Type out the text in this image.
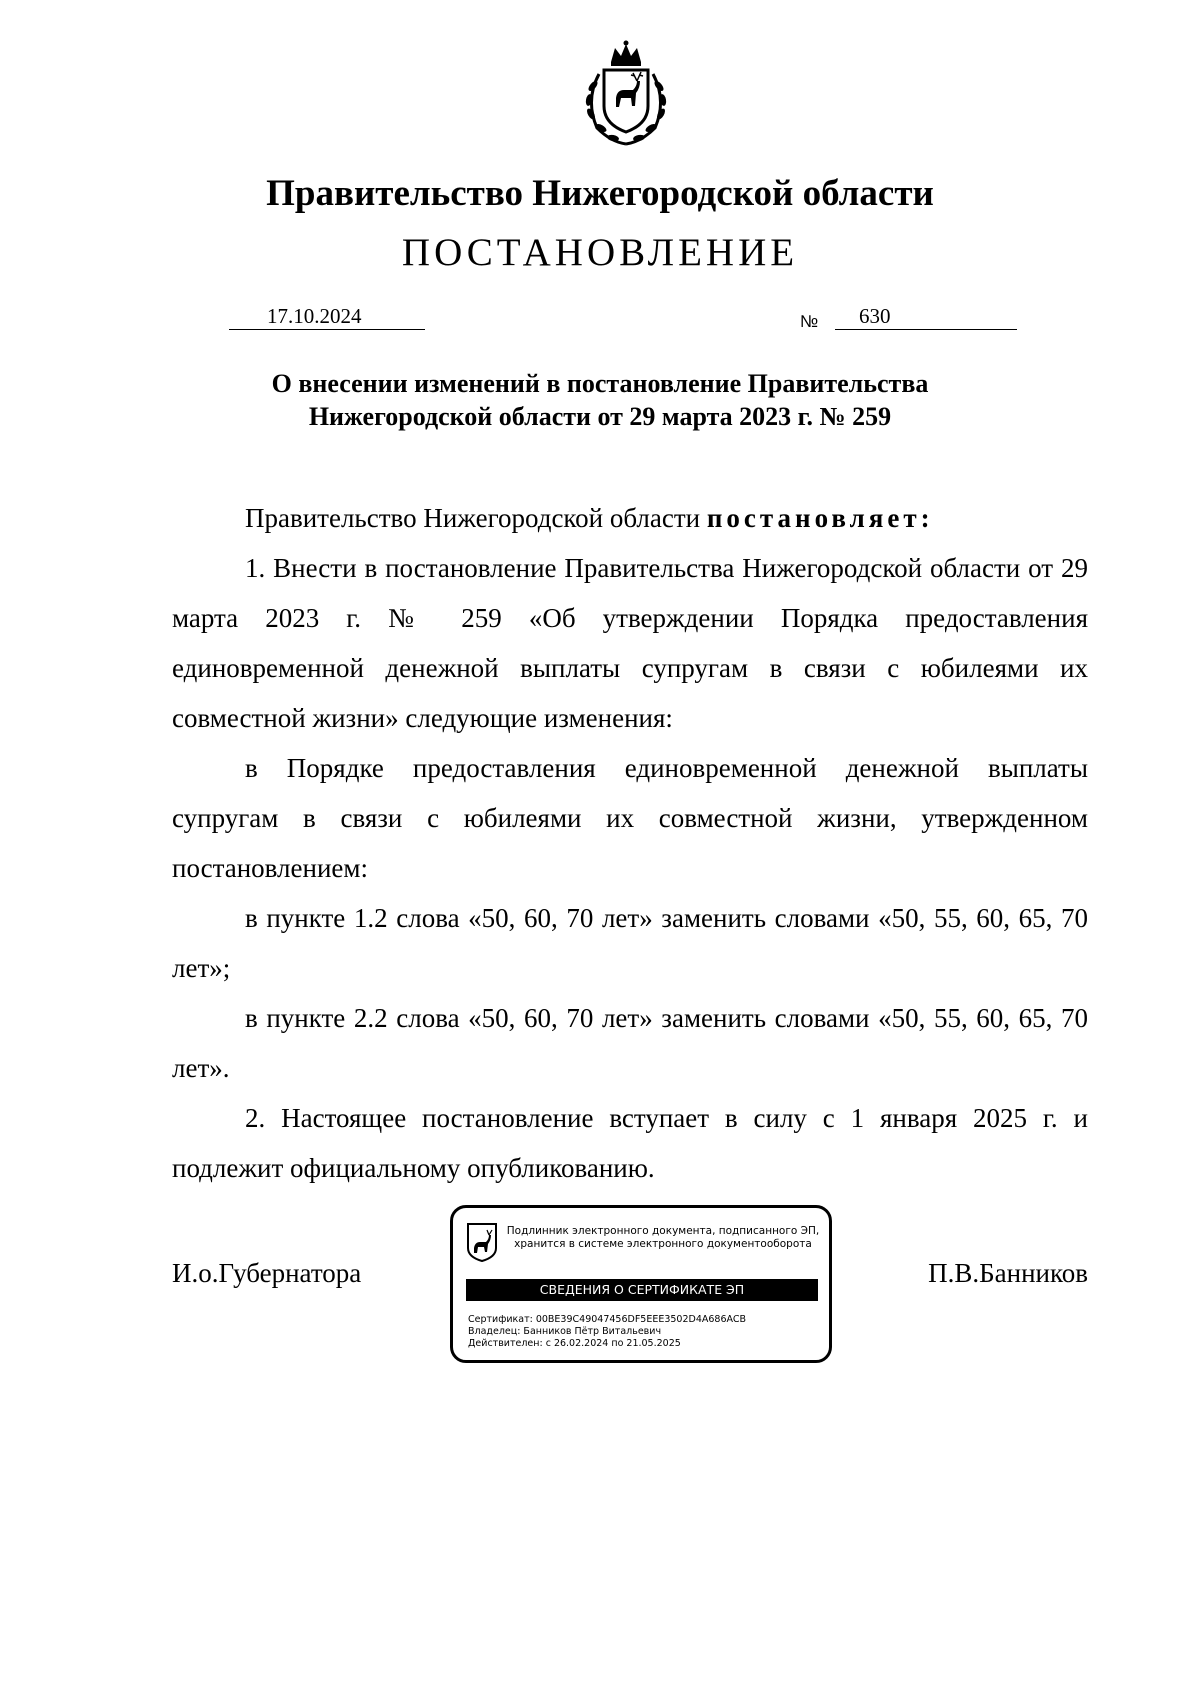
Правительство Нижегородской области
ПОСТАНОВЛЕНИЕ
17.10.2024	№	630
О внесении изменений в постановление Правительства
Нижегородской области от 29 марта 2023 г. № 259

Правительство Нижегородской области постановляет:

1. Внести в постановление Правительства Нижегородской области от 29 марта 2023 г. № 259 «Об утверждении Порядка предоставления единовременной денежной выплаты супругам в связи с юбилеями их совместной жизни» следующие изменения:

в Порядке предоставления единовременной денежной выплаты супругам в связи с юбилеями их совместной жизни, утвержденном постановлением:

в пункте 1.2 слова «50, 60, 70 лет» заменить словами «50, 55, 60, 65, 70 лет»;

в пункте 2.2 слова «50, 60, 70 лет» заменить словами «50, 55, 60, 65, 70 лет».

2. Настоящее постановление вступает в силу с 1 января 2025 г. и подлежит официальному опубликованию.

И.о.Губернатора
Подлинник электронного документа, подписанного ЭП,
хранится в системе электронного документооборота
СВЕДЕНИЯ О СЕРТИФИКАТЕ ЭП
Сертификат: 00BE39C49047456DF5EEE3502D4A686ACB
Владелец: Банников Пётр Витальевич
Действителен: с 26.02.2024 по 21.05.2025
П.В.Банников
